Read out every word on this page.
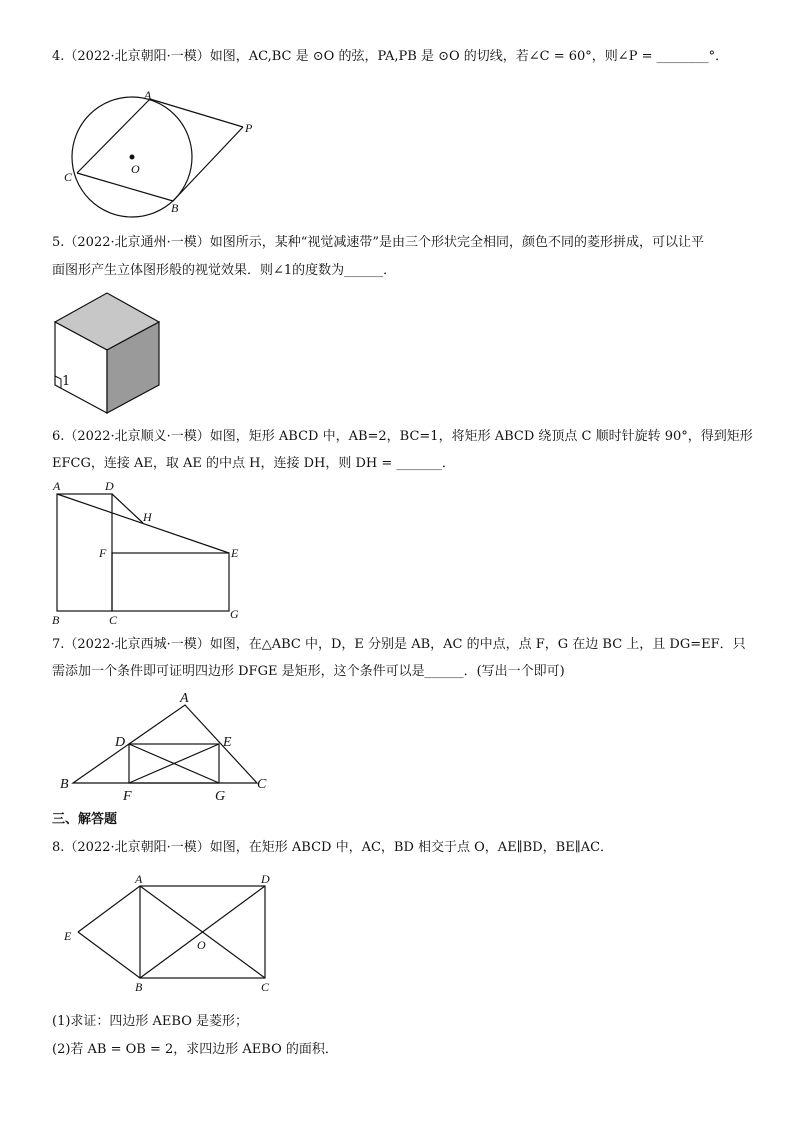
4.（2022·北京朝阳·一模）如图，AC,BC 是 ⊙O 的弦，PA,PB 是 ⊙O 的切线，若∠C = 60°，则∠P = ________°．
A
P
C
O
B
5.（2022·北京通州·一模）如图所示，某种“视觉减速带”是由三个形状完全相同，颜色不同的菱形拼成，可以让平
面图形产生立体图形般的视觉效果．则∠1的度数为______．
1
6.（2022·北京顺义·一模）如图，矩形 ABCD 中，AB=2，BC=1，将矩形 ABCD 绕顶点 C 顺时针旋转 90°，得到矩形
EFCG，连接 AE，取 AE 的中点 H，连接 DH，则 DH = _______．
A	D
H
F	E
B	C	G
7.（2022·北京西城·一模）如图，在△ABC 中，D，E 分别是 AB，AC 的中点，点 F，G 在边 BC 上，且 DG=EF．只
需添加一个条件即可证明四边形 DFGE 是矩形，这个条件可以是______．(写出一个即可)
A
D	E
B
F	G
C
三、解答题
8.（2022·北京朝阳·一模）如图，在矩形 ABCD 中，AC，BD 相交于点 O，AE∥BD，BE∥AC．
A	D
E
O
B	C
(1)求证：四边形 AEBO 是菱形；
(2)若 AB = OB = 2，求四边形 AEBO 的面积．
